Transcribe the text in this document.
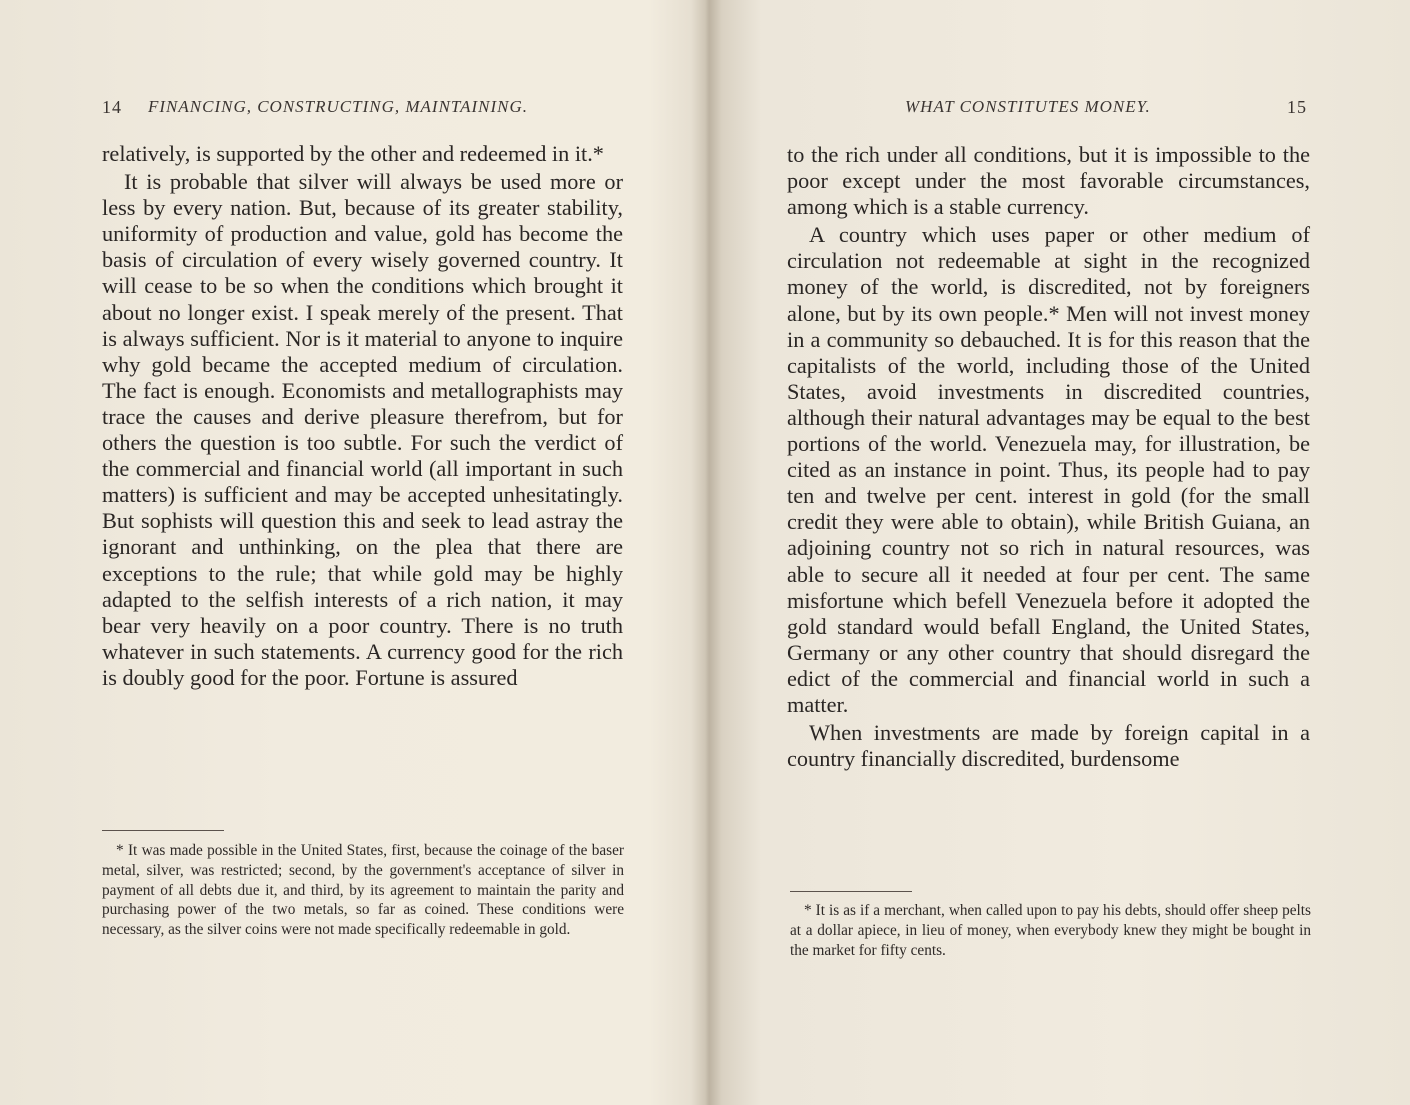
14 FINANCING, CONSTRUCTING, MAINTAINING.

relatively, is supported by the other and redeemed in it.*

It is probable that silver will always be used more or less by every nation. But, because of its greater stability, uniformity of production and value, gold has become the basis of circulation of every wisely governed country. It will cease to be so when the conditions which brought it about no longer exist. I speak merely of the present. That is always sufficient. Nor is it material to anyone to inquire why gold became the accepted medium of circulation. The fact is enough. Economists and metallographists may trace the causes and derive pleasure therefrom, but for others the question is too subtle. For such the verdict of the commercial and financial world (all important in such matters) is sufficient and may be accepted unhesitatingly. But sophists will question this and seek to lead astray the ignorant and unthinking, on the plea that there are exceptions to the rule; that while gold may be highly adapted to the selfish interests of a rich nation, it may bear very heavily on a poor country. There is no truth whatever in such statements. A currency good for the rich is doubly good for the poor. Fortune is assured

* It was made possible in the United States, first, because the coinage of the baser metal, silver, was restricted; second, by the government's acceptance of silver in payment of all debts due it, and third, by its agreement to maintain the parity and purchasing power of the two metals, so far as coined. These conditions were necessary, as the silver coins were not made specifically redeemable in gold.

WHAT CONSTITUTES MONEY.	15

to the rich under all conditions, but it is impossible to the poor except under the most favorable circumstances, among which is a stable currency.

A country which uses paper or other medium of circulation not redeemable at sight in the recognized money of the world, is discredited, not by foreigners alone, but by its own people.* Men will not invest money in a community so debauched. It is for this reason that the capitalists of the world, including those of the United States, avoid investments in discredited countries, although their natural advantages may be equal to the best portions of the world. Venezuela may, for illustration, be cited as an instance in point. Thus, its people had to pay ten and twelve per cent. interest in gold (for the small credit they were able to obtain), while British Guiana, an adjoining country not so rich in natural resources, was able to secure all it needed at four per cent. The same misfortune which befell Venezuela before it adopted the gold standard would befall England, the United States, Germany or any other country that should disregard the edict of the commercial and financial world in such a matter.

When investments are made by foreign capital in a country financially discredited, burdensome

* It is as if a merchant, when called upon to pay his debts, should offer sheep pelts at a dollar apiece, in lieu of money, when everybody knew they might be bought in the market for fifty cents.
